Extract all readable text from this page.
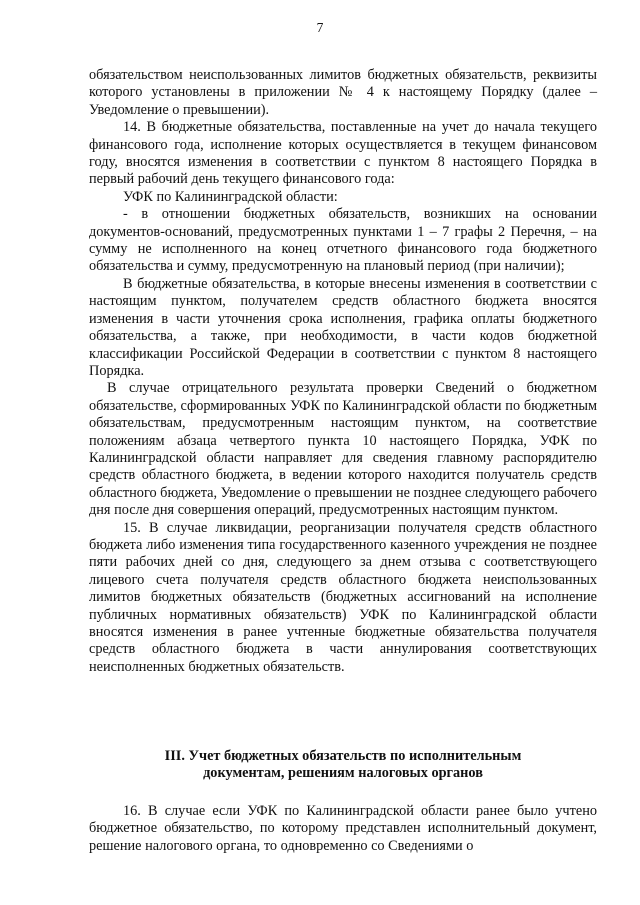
7

обязательством неиспользованных лимитов бюджетных обязательств, реквизиты которого установлены в приложении № 4 к настоящему Порядку (далее – Уведомление о превышении).

14. В бюджетные обязательства, поставленные на учет до начала текущего финансового года, исполнение которых осуществляется в текущем финансовом году, вносятся изменения в соответствии с пунктом 8 настоящего Порядка в первый рабочий день текущего финансового года:

УФК по Калининградской области:

- в отношении бюджетных обязательств, возникших на основании документов-оснований, предусмотренных пунктами 1 – 7 графы 2 Перечня, – на сумму не исполненного на конец отчетного финансового года бюджетного обязательства и сумму, предусмотренную на плановый период (при наличии);

В бюджетные обязательства, в которые внесены изменения в соответствии с настоящим пунктом, получателем средств областного бюджета вносятся изменения в части уточнения срока исполнения, графика оплаты бюджетного обязательства, а также, при необходимости, в части кодов бюджетной классификации Российской Федерации в соответствии с пунктом 8 настоящего Порядка.

В случае отрицательного результата проверки Сведений о бюджетном обязательстве, сформированных УФК по Калининградской области по бюджетным обязательствам, предусмотренным настоящим пунктом, на соответствие положениям абзаца четвертого пункта 10 настоящего Порядка, УФК по Калининградской области направляет для сведения главному распорядителю средств областного бюджета, в ведении которого находится получатель средств областного бюджета, Уведомление о превышении не позднее следующего рабочего дня после дня совершения операций, предусмотренных настоящим пунктом.

15. В случае ликвидации, реорганизации получателя средств областного бюджета либо изменения типа государственного казенного учреждения не позднее пяти рабочих дней со дня, следующего за днем отзыва с соответствующего лицевого счета получателя средств областного бюджета неиспользованных лимитов бюджетных обязательств (бюджетных ассигнований на исполнение публичных нормативных обязательств) УФК по Калининградской области вносятся изменения в ранее учтенные бюджетные обязательства получателя средств областного бюджета в части аннулирования соответствующих неисполненных бюджетных обязательств.

III. Учет бюджетных обязательств по исполнительным
документам, решениям налоговых органов

16. В случае если УФК по Калининградской области ранее было учтено бюджетное обязательство, по которому представлен исполнительный документ, решение налогового органа, то одновременно со Сведениями о
